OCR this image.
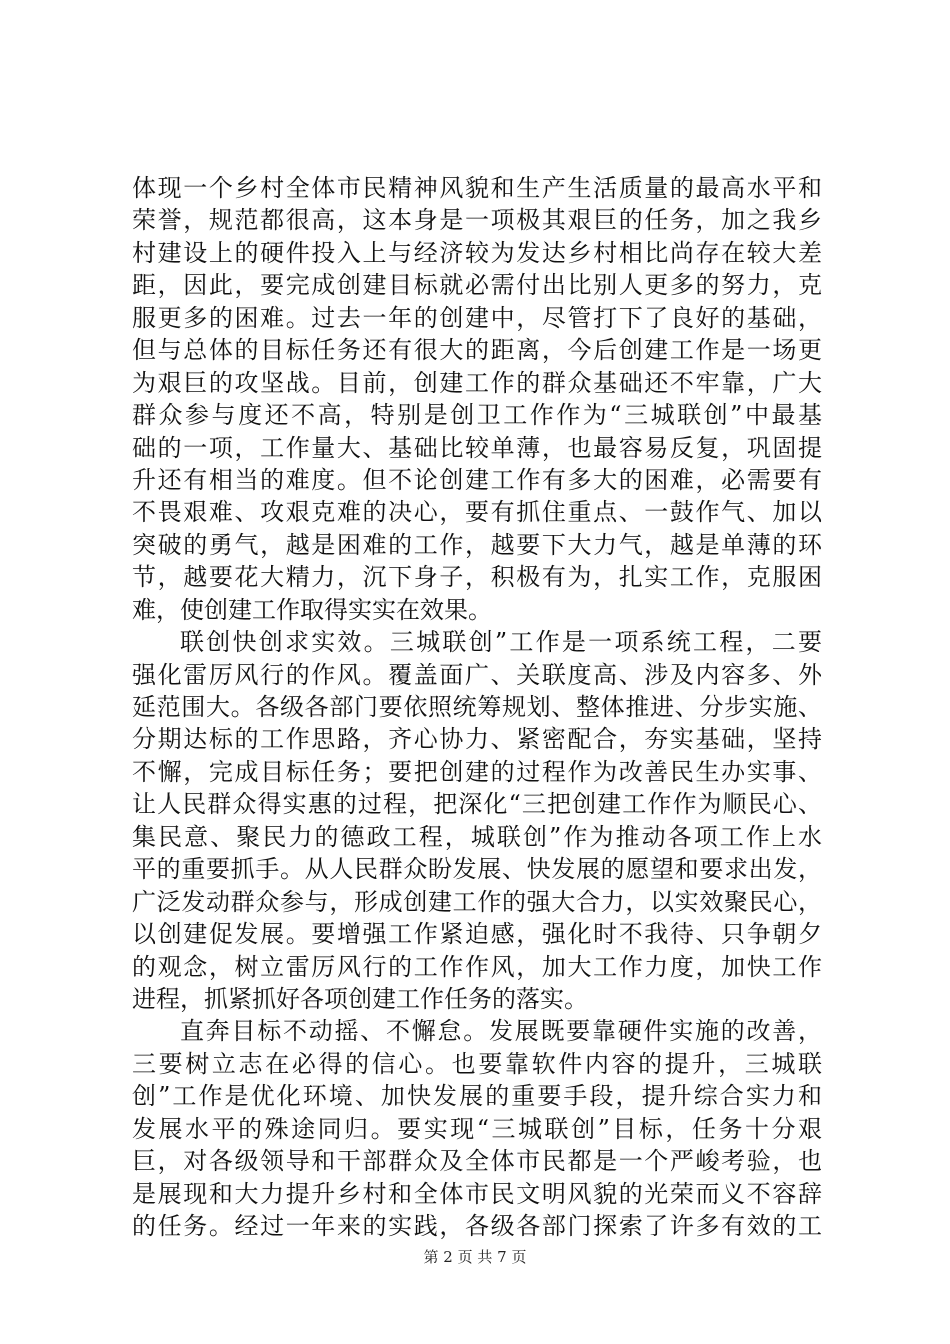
体现一个乡村全体市民精神风貌和生产生活质量的最高水平和
荣誉，规范都很高，这本身是一项极其艰巨的任务，加之我乡
村建设上的硬件投入上与经济较为发达乡村相比尚存在较大差
距，因此，要完成创建目标就必需付出比别人更多的努力，克
服更多的困难。过去一年的创建中，尽管打下了良好的基础，
但与总体的目标任务还有很大的距离，今后创建工作是一场更
为艰巨的攻坚战。目前，创建工作的群众基础还不牢靠，广大
群众参与度还不高，特别是创卫工作作为“三城联创”中最基
础的一项，工作量大、基础比较单薄，也最容易反复，巩固提
升还有相当的难度。但不论创建工作有多大的困难，必需要有
不畏艰难、攻艰克难的决心，要有抓住重点、一鼓作气、加以
突破的勇气，越是困难的工作，越要下大力气，越是单薄的环
节，越要花大精力，沉下身子，积极有为，扎实工作，克服困
难，使创建工作取得实实在效果。
联创快创求实效。三城联创”工作是一项系统工程，二要
强化雷厉风行的作风。覆盖面广、关联度高、涉及内容多、外
延范围大。各级各部门要依照统筹规划、整体推进、分步实施、
分期达标的工作思路，齐心协力、紧密配合，夯实基础，坚持
不懈，完成目标任务；要把创建的过程作为改善民生办实事、
让人民群众得实惠的过程，把深化“三把创建工作作为顺民心、
集民意、聚民力的德政工程，城联创”作为推动各项工作上水
平的重要抓手。从人民群众盼发展、快发展的愿望和要求出发，
广泛发动群众参与，形成创建工作的强大合力，以实效聚民心，
以创建促发展。要增强工作紧迫感，强化时不我待、只争朝夕
的观念，树立雷厉风行的工作作风，加大工作力度，加快工作
进程，抓紧抓好各项创建工作任务的落实。
直奔目标不动摇、不懈怠。发展既要靠硬件实施的改善，
三要树立志在必得的信心。也要靠软件内容的提升，三城联
创”工作是优化环境、加快发展的重要手段，提升综合实力和
发展水平的殊途同归。要实现“三城联创”目标，任务十分艰
巨，对各级领导和干部群众及全体市民都是一个严峻考验，也
是展现和大力提升乡村和全体市民文明风貌的光荣而义不容辞
的任务。经过一年来的实践，各级各部门探索了许多有效的工
第 2 页 共 7 页
